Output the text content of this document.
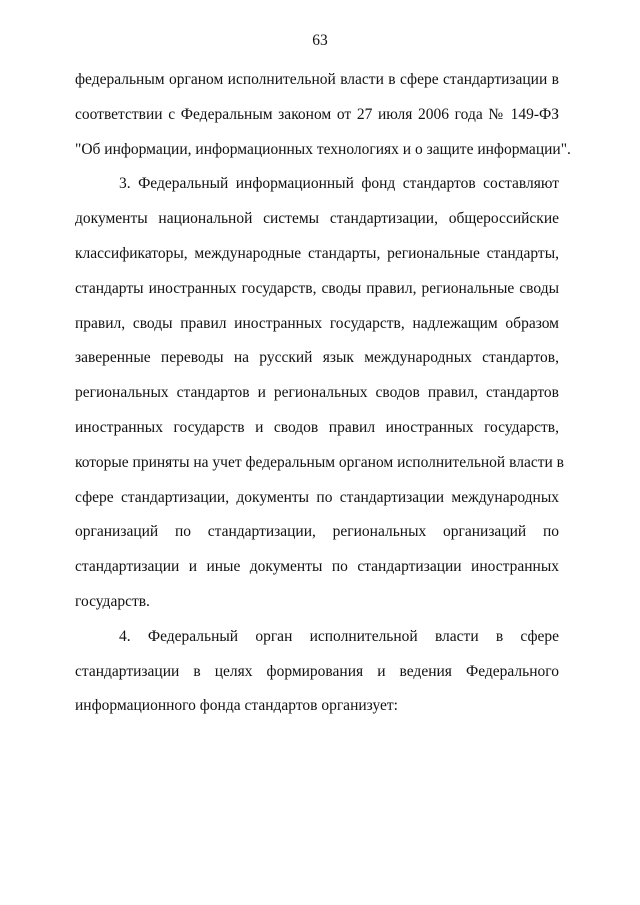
63
федеральным органом исполнительной власти в сфере стандартизации в
соответствии с Федеральным законом от 27 июля 2006 года № 149-ФЗ
"Об информации, информационных технологиях и о защите информации".
3. Федеральный информационный фонд стандартов составляют
документы национальной системы стандартизации, общероссийские
классификаторы, международные стандарты, региональные стандарты,
стандарты иностранных государств, своды правил, региональные своды
правил, своды правил иностранных государств, надлежащим образом
заверенные переводы на русский язык международных стандартов,
региональных стандартов и региональных сводов правил, стандартов
иностранных государств и сводов правил иностранных государств,
которые приняты на учет федеральным органом исполнительной власти в
сфере стандартизации, документы по стандартизации международных
организаций по стандартизации, региональных организаций по
стандартизации и иные документы по стандартизации иностранных
государств.
4. Федеральный орган исполнительной власти в сфере
стандартизации в целях формирования и ведения Федерального
информационного фонда стандартов организует:
